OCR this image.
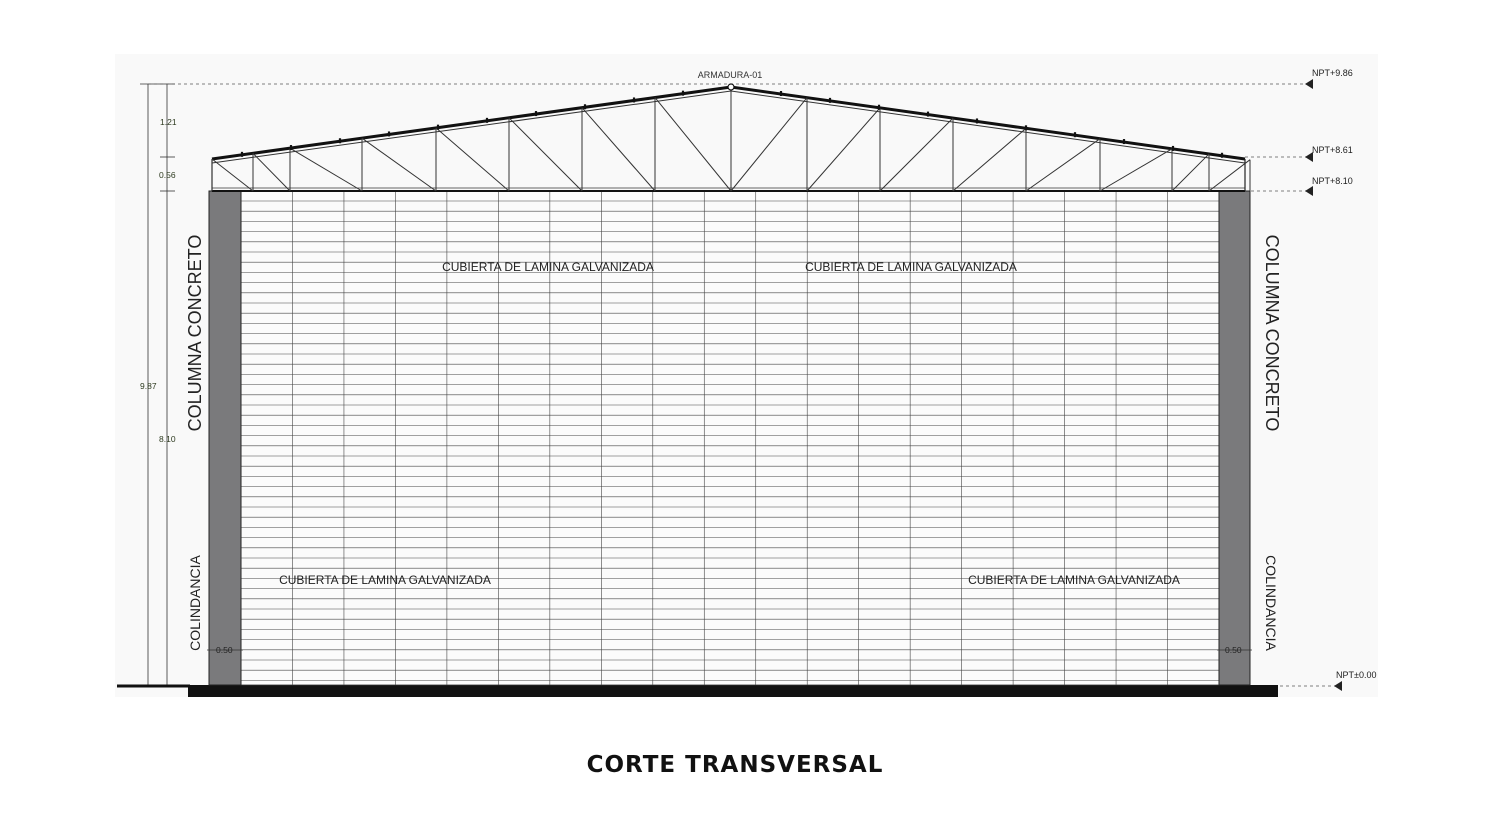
ARMADURA-01	NPT+9.86
NPT+8.61
NPT+8.10
NPT±0.00
1.21
0.56
9.87
8.10
0.50	0.50
CUBIERTA DE LAMINA GALVANIZADA	CUBIERTA DE LAMINA GALVANIZADA
CUBIERTA DE LAMINA GALVANIZADA	CUBIERTA DE LAMINA GALVANIZADA
COLUMNA CONCRETO	COLUMNA CONCRETO
COLINDANCIA	COLINDANCIA
CORTE TRANSVERSAL
